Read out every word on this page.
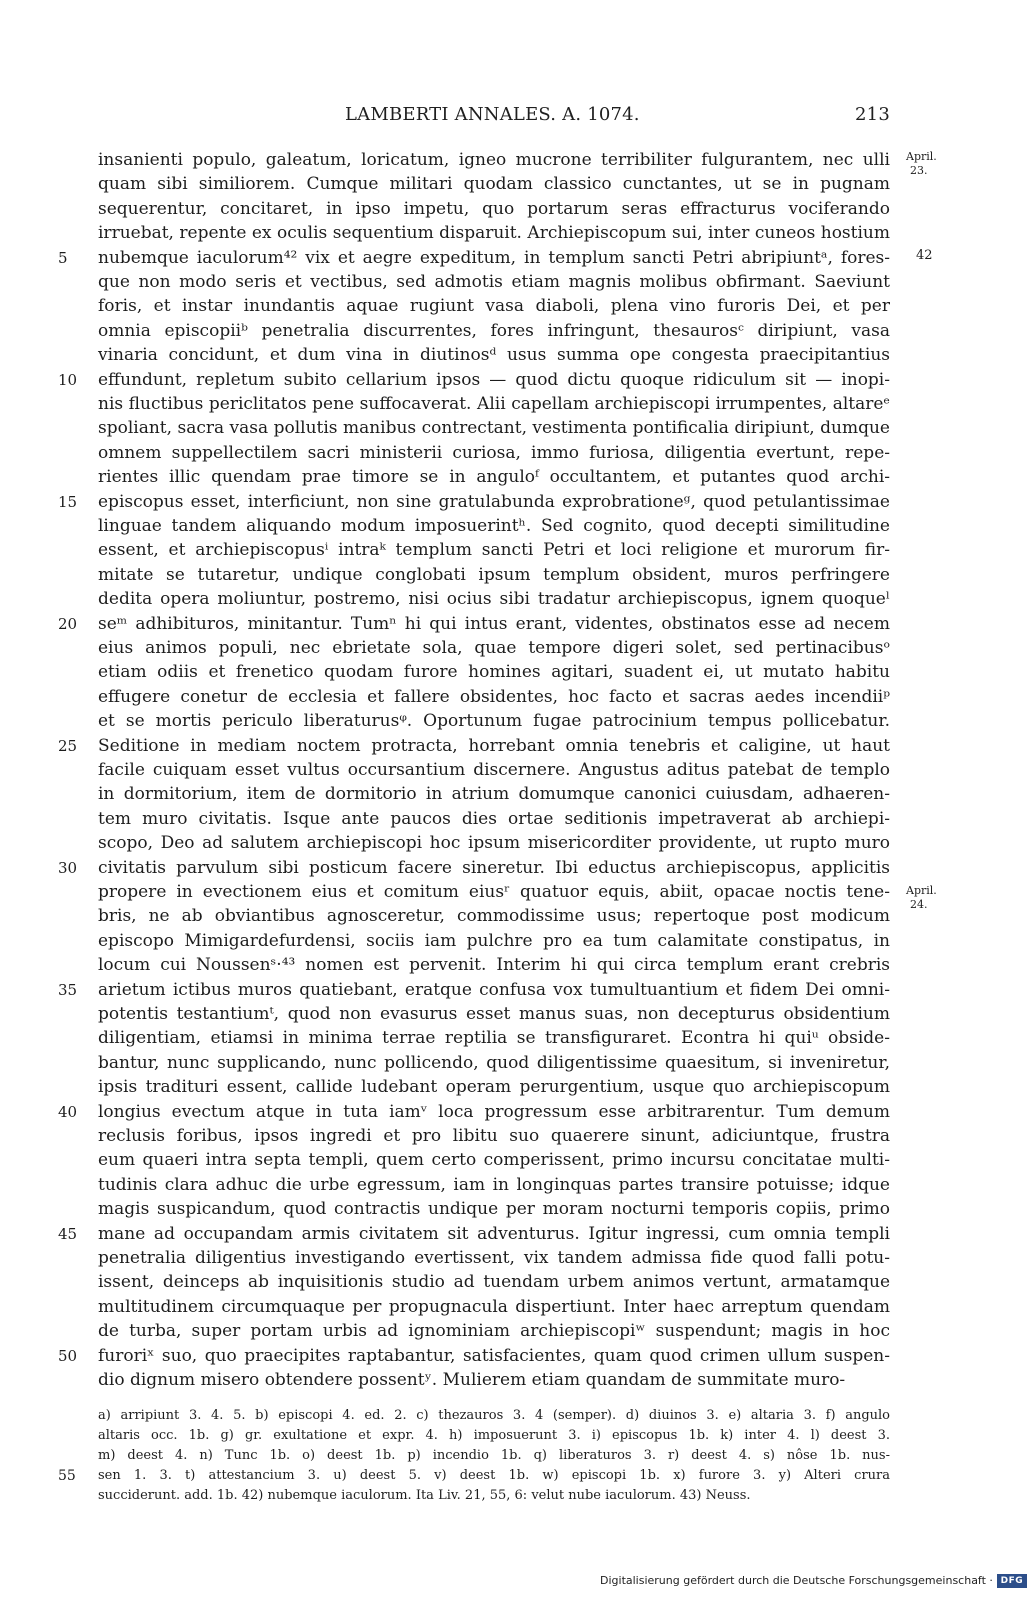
LAMBERTI ANNALES. A. 1074.	213
insanienti populo, galeatum, loricatum, igneo mucrone terribiliter fulgurantem, nec ulli
quam sibi similiorem. Cumque militari quodam classico cunctantes, ut se in pugnam
sequerentur, concitaret, in ipso impetu, quo portarum seras effracturus vociferando
irruebat, repente ex oculis sequentium disparuit. Archiepiscopum sui, inter cuneos hostium
nubemque iaculorum⁴² vix et aegre expeditum, in templum sancti Petri abripiuntᵃ, fores-
que non modo seris et vectibus, sed admotis etiam magnis molibus obfirmant. Saeviunt
foris, et instar inundantis aquae rugiunt vasa diaboli, plena vino furoris Dei, et per
omnia episcopiiᵇ penetralia discurrentes, fores infringunt, thesaurosᶜ diripiunt, vasa
vinaria concidunt, et dum vina in diutinosᵈ usus summa ope congesta praecipitantius
effundunt, repletum subito cellarium ipsos — quod dictu quoque ridiculum sit — inopi-
nis fluctibus periclitatos pene suffocaverat. Alii capellam archiepiscopi irrumpentes, altareᵉ
spoliant, sacra vasa pollutis manibus contrectant, vestimenta pontificalia diripiunt, dumque
omnem suppellectilem sacri ministerii curiosa, immo furiosa, diligentia evertunt, repe-
rientes illic quendam prae timore se in anguloᶠ occultantem, et putantes quod archi-
episcopus esset, interficiunt, non sine gratulabunda exprobrationeᵍ, quod petulantissimae
linguae tandem aliquando modum imposuerintʰ. Sed cognito, quod decepti similitudine
essent, et archiepiscopusⁱ intraᵏ templum sancti Petri et loci religione et murorum fir-
mitate se tutaretur, undique conglobati ipsum templum obsident, muros perfringere
dedita opera moliuntur, postremo, nisi ocius sibi tradatur archiepiscopus, ignem quoqueˡ
seᵐ adhibituros, minitantur. Tumⁿ hi qui intus erant, videntes, obstinatos esse ad necem
eius animos populi, nec ebrietate sola, quae tempore digeri solet, sed pertinacibusᵒ
etiam odiis et frenetico quodam furore homines agitari, suadent ei, ut mutato habitu
effugere conetur de ecclesia et fallere obsidentes, hoc facto et sacras aedes incendiiᵖ
et se mortis periculo liberaturusᵠ. Oportunum fugae patrocinium tempus pollicebatur.
Seditione in mediam noctem protracta, horrebant omnia tenebris et caligine, ut haut
facile cuiquam esset vultus occursantium discernere. Angustus aditus patebat de templo
in dormitorium, item de dormitorio in atrium domumque canonici cuiusdam, adhaeren-
tem muro civitatis. Isque ante paucos dies ortae seditionis impetraverat ab archiepi-
scopo, Deo ad salutem archiepiscopi hoc ipsum misericorditer providente, ut rupto muro
civitatis parvulum sibi posticum facere sineretur. Ibi eductus archiepiscopus, applicitis
propere in evectionem eius et comitum eiusʳ quatuor equis, abiit, opacae noctis tene-
bris, ne ab obviantibus agnosceretur, commodissime usus; repertoque post modicum
episcopo Mimigardefurdensi, sociis iam pulchre pro ea tum calamitate constipatus, in
locum cui Noussenˢ·⁴³ nomen est pervenit. Interim hi qui circa templum erant crebris
arietum ictibus muros quatiebant, eratque confusa vox tumultuantium et fidem Dei omni-
potentis testantiumᵗ, quod non evasurus esset manus suas, non decepturus obsidentium
diligentiam, etiamsi in minima terrae reptilia se transfiguraret. Econtra hi quiᵘ obside-
bantur, nunc supplicando, nunc pollicendo, quod diligentissime quaesitum, si inveniretur,
ipsis tradituri essent, callide ludebant operam perurgentium, usque quo archiepiscopum
longius evectum atque in tuta iamᵛ loca progressum esse arbitrarentur. Tum demum
reclusis foribus, ipsos ingredi et pro libitu suo quaerere sinunt, adiciuntque, frustra
eum quaeri intra septa templi, quem certo comperissent, primo incursu concitatae multi-
tudinis clara adhuc die urbe egressum, iam in longinquas partes transire potuisse; idque
magis suspicandum, quod contractis undique per moram nocturni temporis copiis, primo
mane ad occupandam armis civitatem sit adventurus. Igitur ingressi, cum omnia templi
penetralia diligentius investigando evertissent, vix tandem admissa fide quod falli potu-
issent, deinceps ab inquisitionis studio ad tuendam urbem animos vertunt, armatamque
multitudinem circumquaque per propugnacula dispertiunt. Inter haec arreptum quendam
de turba, super portam urbis ad ignominiam archiepiscopiʷ suspendunt; magis in hoc
furoriˣ suo, quo praecipites raptabantur, satisfacientes, quam quod crimen ullum suspen-
dio dignum misero obtendere possentʸ. Mulierem etiam quandam de summitate muro-
5
10
15
20
25
30
35
40
45
50
April.
23.
April.
24.
42
a) arripiunt 3. 4. 5. b) episcopi 4. ed. 2. c) thezauros 3. 4 (semper). d) diuinos 3. e) altaria 3. f) angulo
altaris occ. 1b. g) gr. exultatione et expr. 4. h) imposuerunt 3. i) episcopus 1b. k) inter 4. l) deest 3.
m) deest 4. n) Tunc 1b. o) deest 1b. p) incendio 1b. q) liberaturos 3. r) deest 4. s) nôse 1b. nus-
sen 1. 3. t) attestancium 3. u) deest 5. v) deest 1b. w) episcopi 1b. x) furore 3. y) Alteri crura
succiderunt. add. 1b. 42) nubemque iaculorum. Ita Liv. 21, 55, 6: velut nube iaculorum. 43) Neuss.
55
Digitalisierung gefördert durch die Deutsche Forschungsgemeinschaft · DFG
